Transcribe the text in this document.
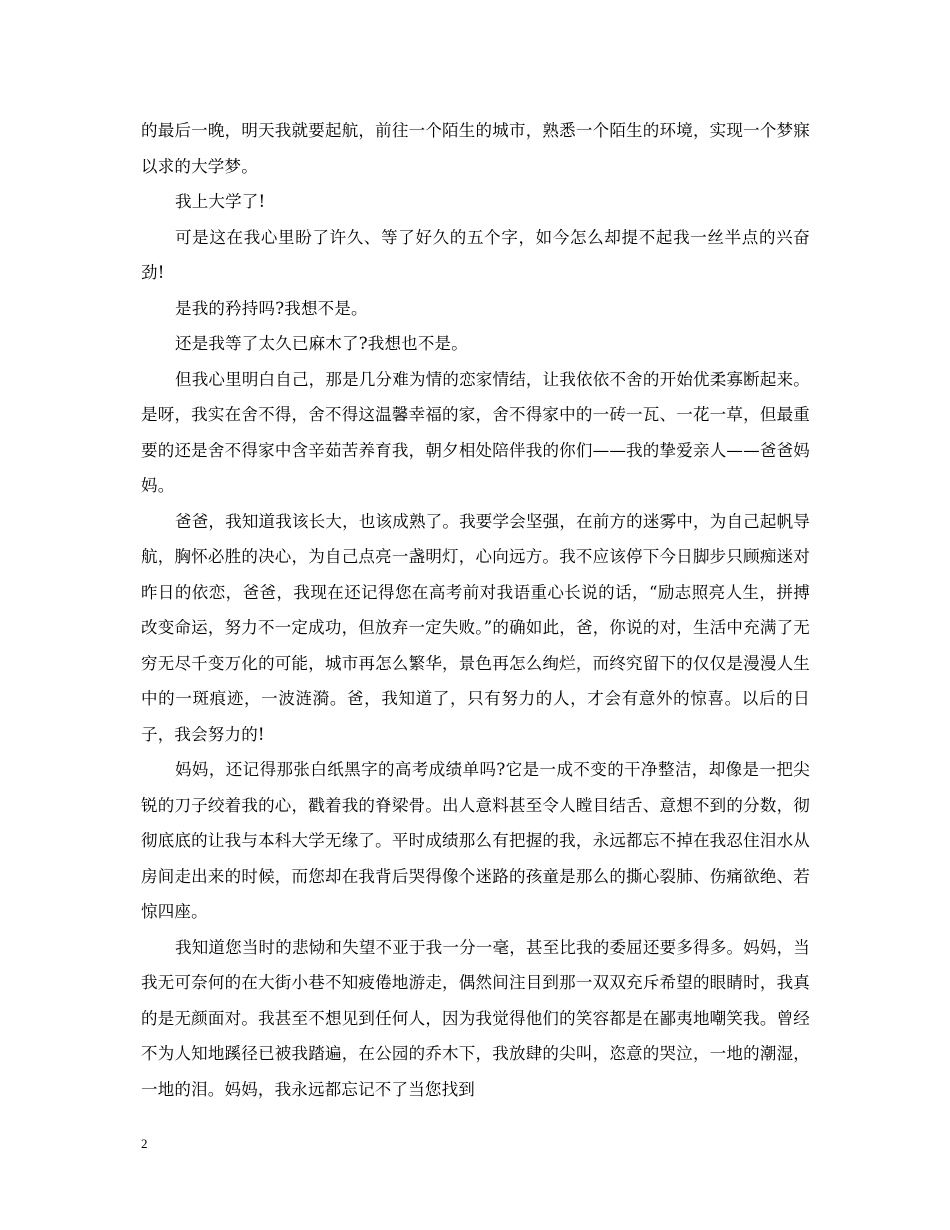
的最后一晚，明天我就要起航，前往一个陌生的城市，熟悉一个陌生的环境，实现一个梦寐以求的大学梦。

我上大学了!

可是这在我心里盼了许久、等了好久的五个字，如今怎么却提不起我一丝半点的兴奋劲!

是我的矜持吗?我想不是。

还是我等了太久已麻木了?我想也不是。

但我心里明白自己，那是几分难为情的恋家情结，让我依依不舍的开始优柔寡断起来。是呀，我实在舍不得，舍不得这温馨幸福的家，舍不得家中的一砖一瓦、一花一草，但最重要的还是舍不得家中含辛茹苦养育我，朝夕相处陪伴我的你们——我的挚爱亲人——爸爸妈妈。

爸爸，我知道我该长大，也该成熟了。我要学会坚强，在前方的迷雾中，为自己起帆导航，胸怀必胜的决心，为自己点亮一盏明灯，心向远方。我不应该停下今日脚步只顾痴迷对昨日的依恋，爸爸，我现在还记得您在高考前对我语重心长说的话，“励志照亮人生，拼搏改变命运，努力不一定成功，但放弃一定失败。”的确如此，爸，你说的对，生活中充满了无穷无尽千变万化的可能，城市再怎么繁华，景色再怎么绚烂，而终究留下的仅仅是漫漫人生中的一斑痕迹，一波涟漪。爸，我知道了，只有努力的人，才会有意外的惊喜。以后的日子，我会努力的!

妈妈，还记得那张白纸黑字的高考成绩单吗?它是一成不变的干净整洁，却像是一把尖锐的刀子绞着我的心，戳着我的脊梁骨。出人意料甚至令人瞠目结舌、意想不到的分数，彻彻底底的让我与本科大学无缘了。平时成绩那么有把握的我，永远都忘不掉在我忍住泪水从房间走出来的时候，而您却在我背后哭得像个迷路的孩童是那么的撕心裂肺、伤痛欲绝、若惊四座。

我知道您当时的悲恸和失望不亚于我一分一毫，甚至比我的委屈还要多得多。妈妈，当我无可奈何的在大街小巷不知疲倦地游走，偶然间注目到那一双双充斥希望的眼睛时，我真的是无颜面对。我甚至不想见到任何人，因为我觉得他们的笑容都是在鄙夷地嘲笑我。曾经不为人知地蹊径已被我踏遍，在公园的乔木下，我放肆的尖叫，恣意的哭泣，一地的潮湿，一地的泪。妈妈，我永远都忘记不了当您找到

2
